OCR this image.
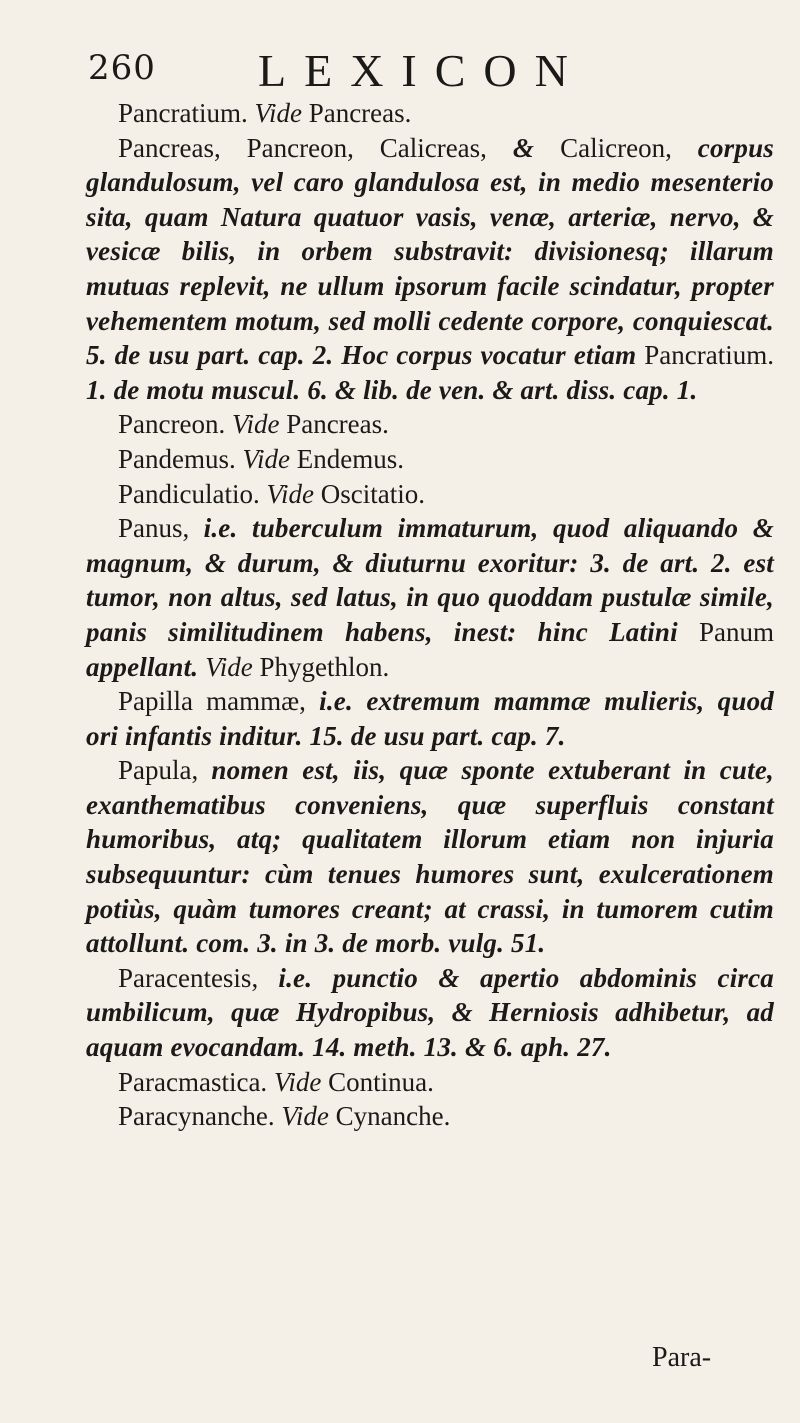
260 LEXICON

Pancratium. Vide Pancreas.

Pancreas, Pancreon, Calicreas, & Calicreon, corpus glandulosum, vel caro glandulosa est, in medio mesenterio sita, quam Natura quatuor vasis, venæ, arteriæ, nervo, & vesicæ bilis, in orbem substravit: divisionesq; illarum mutuas replevit, ne ullum ipsorum facile scindatur, propter vehementem motum, sed molli cedente corpore, conquiescat. 5. de usu part. cap. 2. Hoc corpus vocatur etiam Pancratium. 1. de motu muscul. 6. & lib. de ven. & art. diss. cap. 1.

Pancreon. Vide Pancreas.

Pandemus. Vide Endemus.

Pandiculatio. Vide Oscitatio.

Panus, i.e. tuberculum immaturum, quod aliquando & magnum, & durum, & diuturnu exoritur: 3. de art. 2. est tumor, non altus, sed latus, in quo quoddam pustulæ simile, panis similitudinem habens, inest: hinc Latini Panum appellant. Vide Phygethlon.

Papilla mammæ, i.e. extremum mammæ mulieris, quod ori infantis inditur. 15. de usu part. cap. 7.

Papula, nomen est, iis, quæ sponte extuberant in cute, exanthematibus conveniens, quæ superfluis constant humoribus, atq; qualitatem illorum etiam non injuria subsequuntur: cùm tenues humores sunt, exulcerationem potiùs, quàm tumores creant; at crassi, in tumorem cutim attollunt. com. 3. in 3. de morb. vulg. 51.

Paracentesis, i.e. punctio & apertio abdominis circa umbilicum, quæ Hydropibus, & Herniosis adhibetur, ad aquam evocandam. 14. meth. 13. & 6. aph. 27.

Paracmastica. Vide Continua.

Paracynanche. Vide Cynanche.

Para-
